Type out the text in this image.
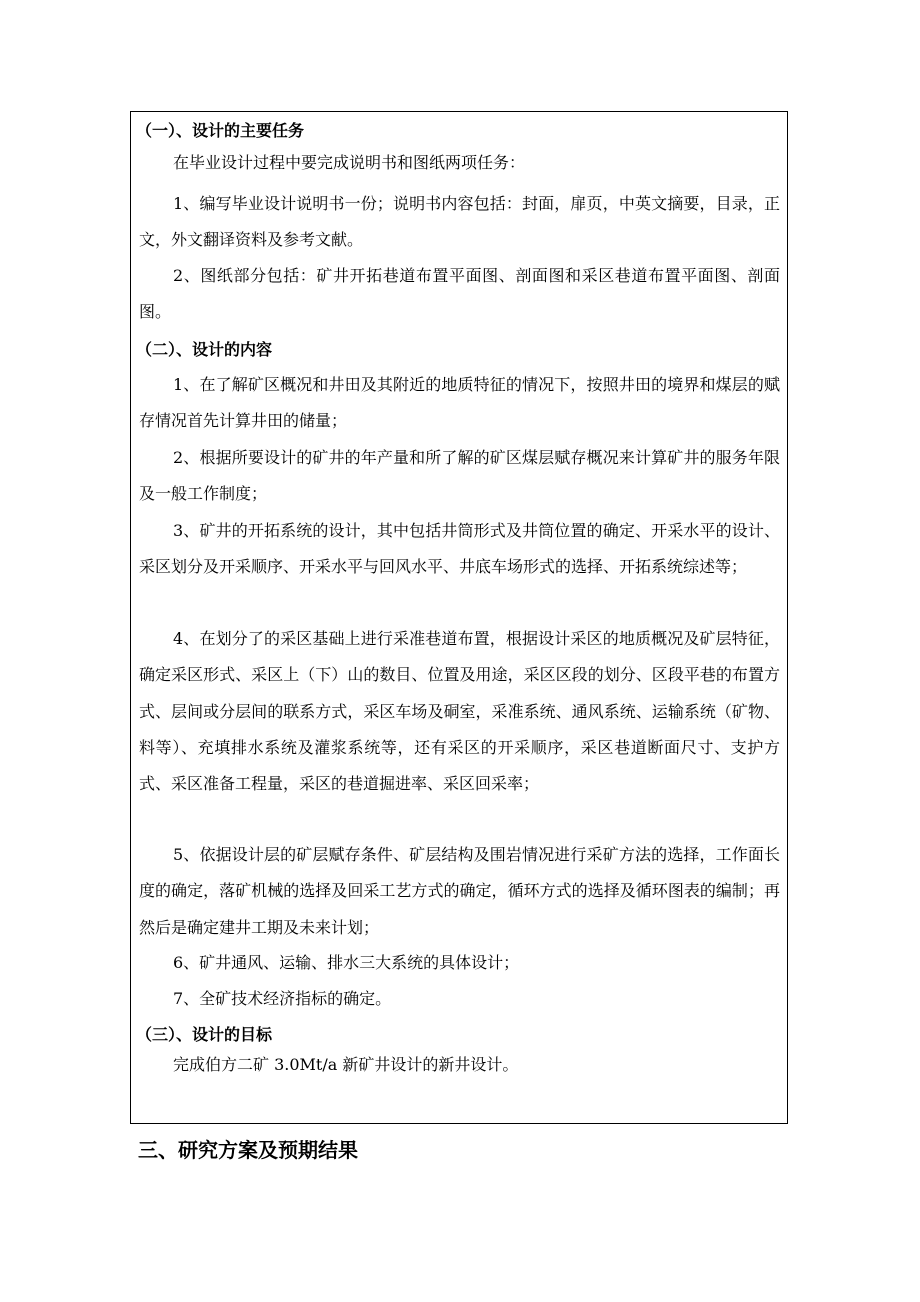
（一）、设计的主要任务

在毕业设计过程中要完成说明书和图纸两项任务：

1、编写毕业设计说明书一份；说明书内容包括：封面，扉页，中英文摘要，目录，正文，外文翻译资料及参考文献。

2、图纸部分包括：矿井开拓巷道布置平面图、剖面图和采区巷道布置平面图、剖面图。

（二）、设计的内容

1、在了解矿区概况和井田及其附近的地质特征的情况下，按照井田的境界和煤层的赋存情况首先计算井田的储量；

2、根据所要设计的矿井的年产量和所了解的矿区煤层赋存概况来计算矿井的服务年限及一般工作制度；

3、矿井的开拓系统的设计，其中包括井筒形式及井筒位置的确定、开采水平的设计、采区划分及开采顺序、开采水平与回风水平、井底车场形式的选择、开拓系统综述等；

4、在划分了的采区基础上进行采准巷道布置，根据设计采区的地质概况及矿层特征，确定采区形式、采区上（下）山的数目、位置及用途，采区区段的划分、区段平巷的布置方式、层间或分层间的联系方式，采区车场及硐室，采准系统、通风系统、运输系统（矿物、料等）、充填排水系统及灌浆系统等，还有采区的开采顺序，采区巷道断面尺寸、支护方式、采区准备工程量，采区的巷道掘进率、采区回采率；

5、依据设计层的矿层赋存条件、矿层结构及围岩情况进行采矿方法的选择，工作面长度的确定，落矿机械的选择及回采工艺方式的确定，循环方式的选择及循环图表的编制；再然后是确定建井工期及未来计划；

6、矿井通风、运输、排水三大系统的具体设计；

7、全矿技术经济指标的确定。

（三）、设计的目标

完成伯方二矿 3.0Mt/a 新矿井设计的新井设计。

三、研究方案及预期结果
